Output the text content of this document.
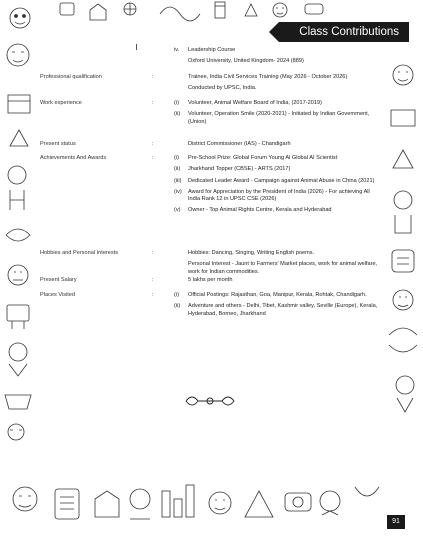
Class Contributions
iv.	Leadership Course
Oxford University, United Kingdom- 2024 (889)
Professional qualification	:	Trainee, India Civil Services Training (May 2026 - October 2026)
Conducted by UPSC, India.
Work experience	:	(i)	Volunteer, Animal Welfare Board of India, (2017-2019)
(ii)	Volunteer, Operation Smile (2020-2021) - Initiated by Indian Government, (Union)
Present status	:	District Commissioner (IAS) - Chandigarh
Achievements And Awards	:	(i)	Pre-School Prize: Global Forum Young Al Global AI Scientist
(ii)	Jharkhand Topper (CBSE) - ARTS (2017)
(iii)	Dedicated Leader Award - Campaign against Animal Abuse in China (2021)
(iv)	Award for Appreciation by the President of India (2026) - For achieving All India Rank 12 in UPSC CSE (2026)
(v)	Owner - Top Animal Rights Centre, Kerala and Hyderabad
Hobbies and Personal Interests	:	Hobbies: Dancing, Singing, Writing English poems.
Personal Interest - Jaunt to Farmers' Market places, work for animal welfare, work for Indian commodities.
Present Salary	:	5 lakhs per month
Places Visited	:	(i)	Official Postings: Rajasthan, Goa, Manipur, Kerala, Rohtak, Chandigarh.
(ii)	Adventure and others - Delhi, Tibet, Kashmir valley, Seville (Europe), Kerala, Hyderabad, Borneo, Jharkhand
91
